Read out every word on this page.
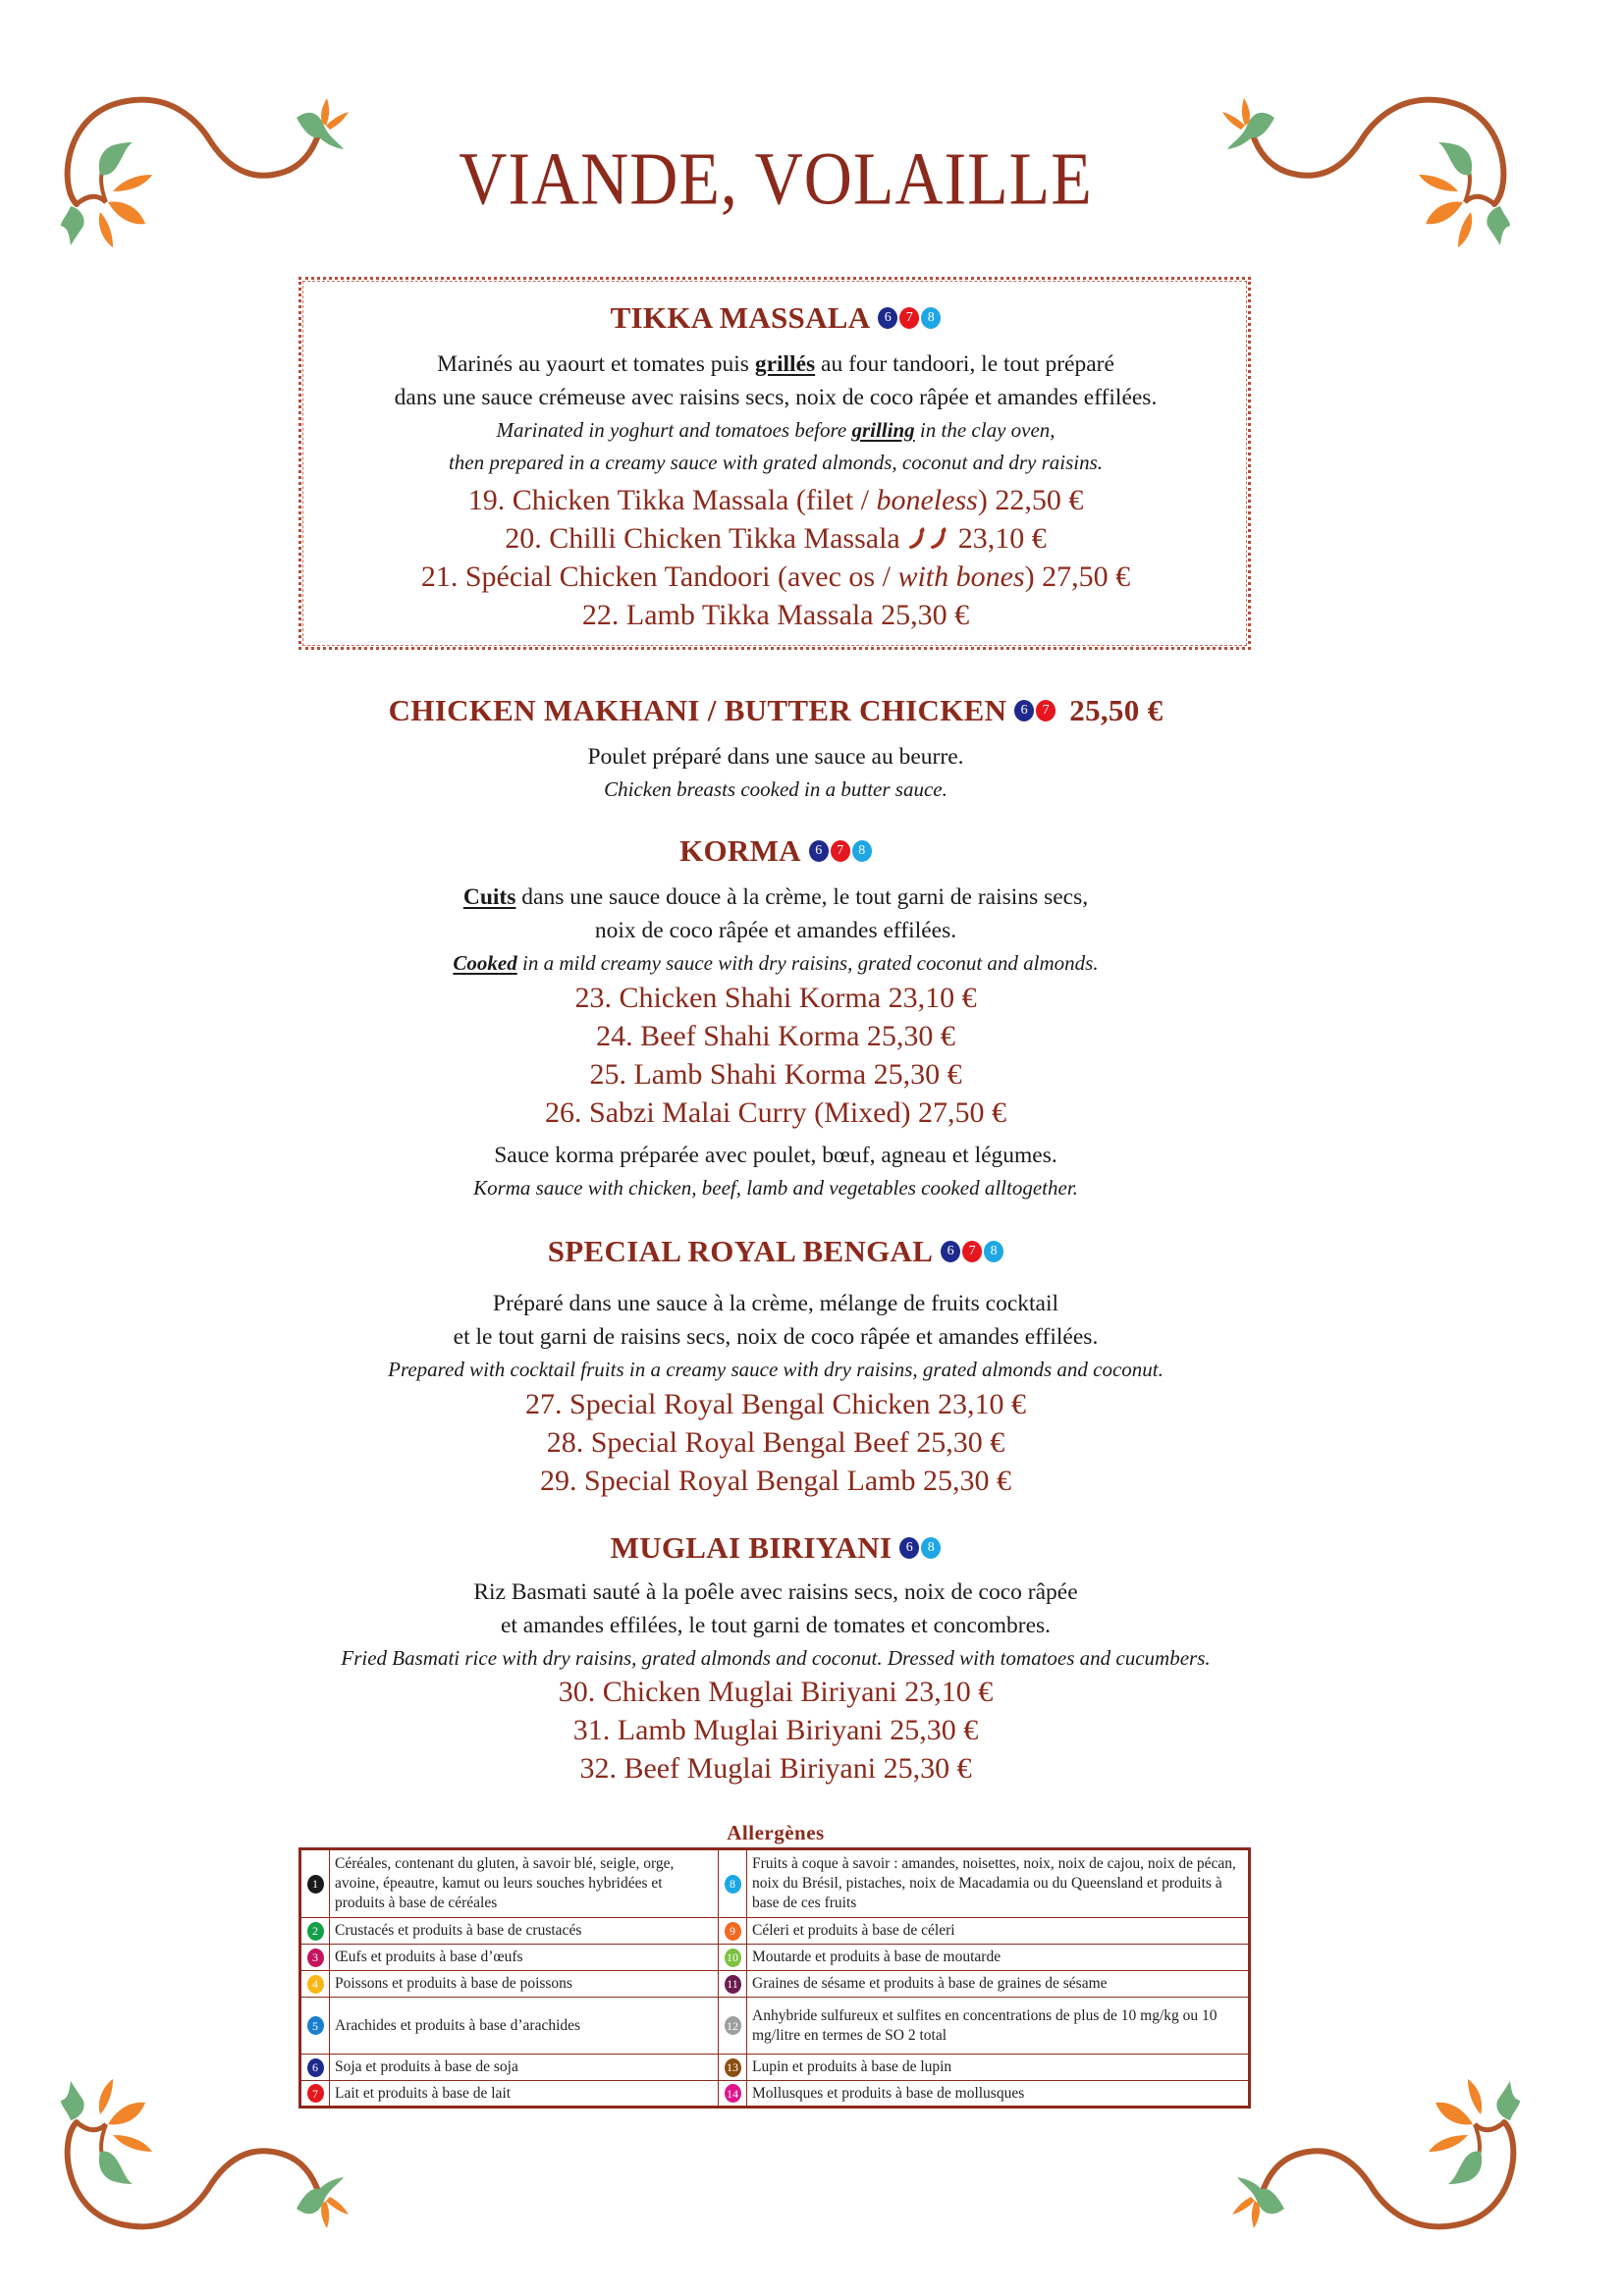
VIANDE, VOLAILLE
TIKKA MASSALA	6	7	8
Marinés au yaourt et tomates puis grillés au four tandoori, le tout préparé
dans une sauce crémeuse avec raisins secs, noix de coco râpée et amandes effilées.
Marinated in yoghurt and tomatoes before grilling in the clay oven,
then prepared in a creamy sauce with grated almonds, coconut and dry raisins.
19. Chicken Tikka Massala (filet / boneless) 22,50 €
20. Chilli Chicken Tikka Massala 23,10 €
21. Spécial Chicken Tandoori (avec os / with bones) 27,50 €
22. Lamb Tikka Massala 25,30 €
CHICKEN MAKHANI / BUTTER CHICKEN	6	7 25,50 €
Poulet préparé dans une sauce au beurre.
Chicken breasts cooked in a butter sauce.
KORMA	6	7	8
Cuits dans une sauce douce à la crème, le tout garni de raisins secs,
noix de coco râpée et amandes effilées.
Cooked in a mild creamy sauce with dry raisins, grated coconut and almonds.
23. Chicken Shahi Korma 23,10 €
24. Beef Shahi Korma 25,30 €
25. Lamb Shahi Korma 25,30 €
26. Sabzi Malai Curry (Mixed) 27,50 €
Sauce korma préparée avec poulet, bœuf, agneau et légumes.
Korma sauce with chicken, beef, lamb and vegetables cooked alltogether.
SPECIAL ROYAL BENGAL	6	7	8
Préparé dans une sauce à la crème, mélange de fruits cocktail
et le tout garni de raisins secs, noix de coco râpée et amandes effilées.
Prepared with cocktail fruits in a creamy sauce with dry raisins, grated almonds and coconut.
27. Special Royal Bengal Chicken 23,10 €
28. Special Royal Bengal Beef 25,30 €
29. Special Royal Bengal Lamb 25,30 €
MUGLAI BIRIYANI	6	8
Riz Basmati sauté à la poêle avec raisins secs, noix de coco râpée
et amandes effilées, le tout garni de tomates et concombres.
Fried Basmati rice with dry raisins, grated almonds and coconut. Dressed with tomatoes and cucumbers.
30. Chicken Muglai Biriyani 23,10 €
31. Lamb Muglai Biriyani 25,30 €
32. Beef Muglai Biriyani 25,30 €
Allergènes
1	Céréales, contenant du gluten, à savoir blé, seigle, orge, avoine, épeautre, kamut ou leurs souches hybridées et produits à base de céréales	8	Fruits à coque à savoir : amandes, noisettes, noix, noix de cajou, noix de pécan, noix du Brésil, pistaches, noix de Macadamia ou du Queensland et produits à base de ces fruits
2	Crustacés et produits à base de crustacés	9	Céleri et produits à base de céleri
3	Œufs et produits à base d’œufs	10	Moutarde et produits à base de moutarde
4	Poissons et produits à base de poissons	11	Graines de sésame et produits à base de graines de sésame
5	Arachides et produits à base d’arachides	12	Anhybride sulfureux et sulfites en concentrations de plus de 10 mg/kg ou 10 mg/litre en termes de SO 2 total
6	Soja et produits à base de soja	13	Lupin et produits à base de lupin
7	Lait et produits à base de lait	14	Mollusques et produits à base de mollusques
